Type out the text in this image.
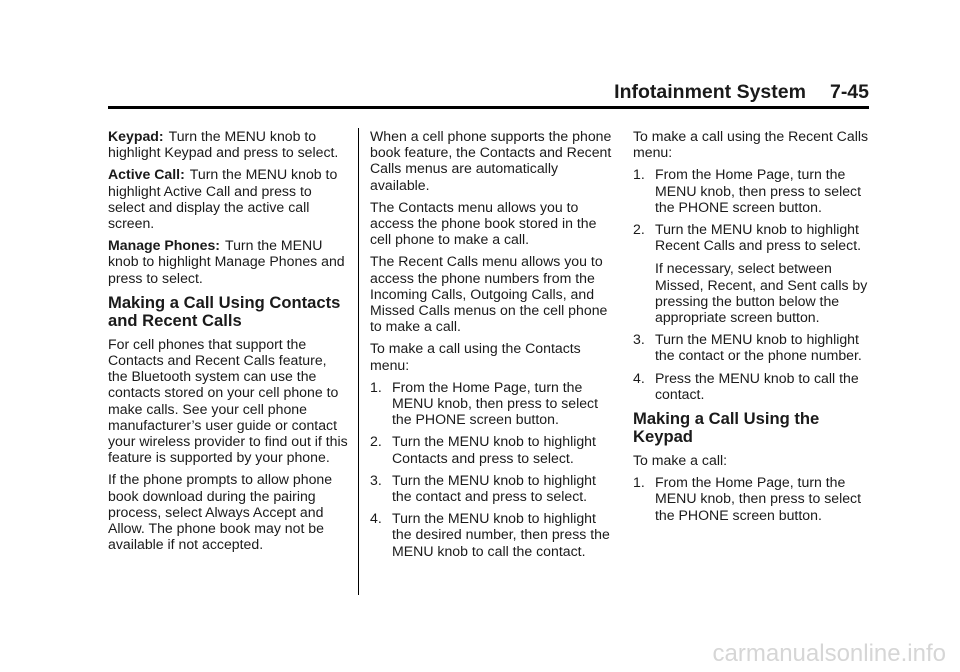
Infotainment System 7-45

Keypad: Turn the MENU knob to highlight Keypad and press to select.

Active Call: Turn the MENU knob to highlight Active Call and press to select and display the active call screen.

Manage Phones: Turn the MENU knob to highlight Manage Phones and press to select.

Making a Call Using Contacts and Recent Calls

For cell phones that support the Contacts and Recent Calls feature, the Bluetooth system can use the contacts stored on your cell phone to make calls. See your cell phone manufacturer’s user guide or contact your wireless provider to find out if this feature is supported by your phone.

If the phone prompts to allow phone book download during the pairing process, select Always Accept and Allow. The phone book may not be available if not accepted.

When a cell phone supports the phone book feature, the Contacts and Recent Calls menus are automatically available.

The Contacts menu allows you to access the phone book stored in the cell phone to make a call.

The Recent Calls menu allows you to access the phone numbers from the Incoming Calls, Outgoing Calls, and Missed Calls menus on the cell phone to make a call.

To make a call using the Contacts menu:

1. From the Home Page, turn the MENU knob, then press to select the PHONE screen button.
2. Turn the MENU knob to highlight Contacts and press to select.
3. Turn the MENU knob to highlight the contact and press to select.
4. Turn the MENU knob to highlight the desired number, then press the MENU knob to call the contact.

To make a call using the Recent Calls menu:

1. From the Home Page, turn the MENU knob, then press to select the PHONE screen button.
2. Turn the MENU knob to highlight Recent Calls and press to select.

If necessary, select between Missed, Recent, and Sent calls by pressing the button below the appropriate screen button.

3. Turn the MENU knob to highlight the contact or the phone number.
4. Press the MENU knob to call the contact.
Making a Call Using the Keypad

To make a call:

1. From the Home Page, turn the MENU knob, then press to select the PHONE screen button.
carmanualsonline.info
